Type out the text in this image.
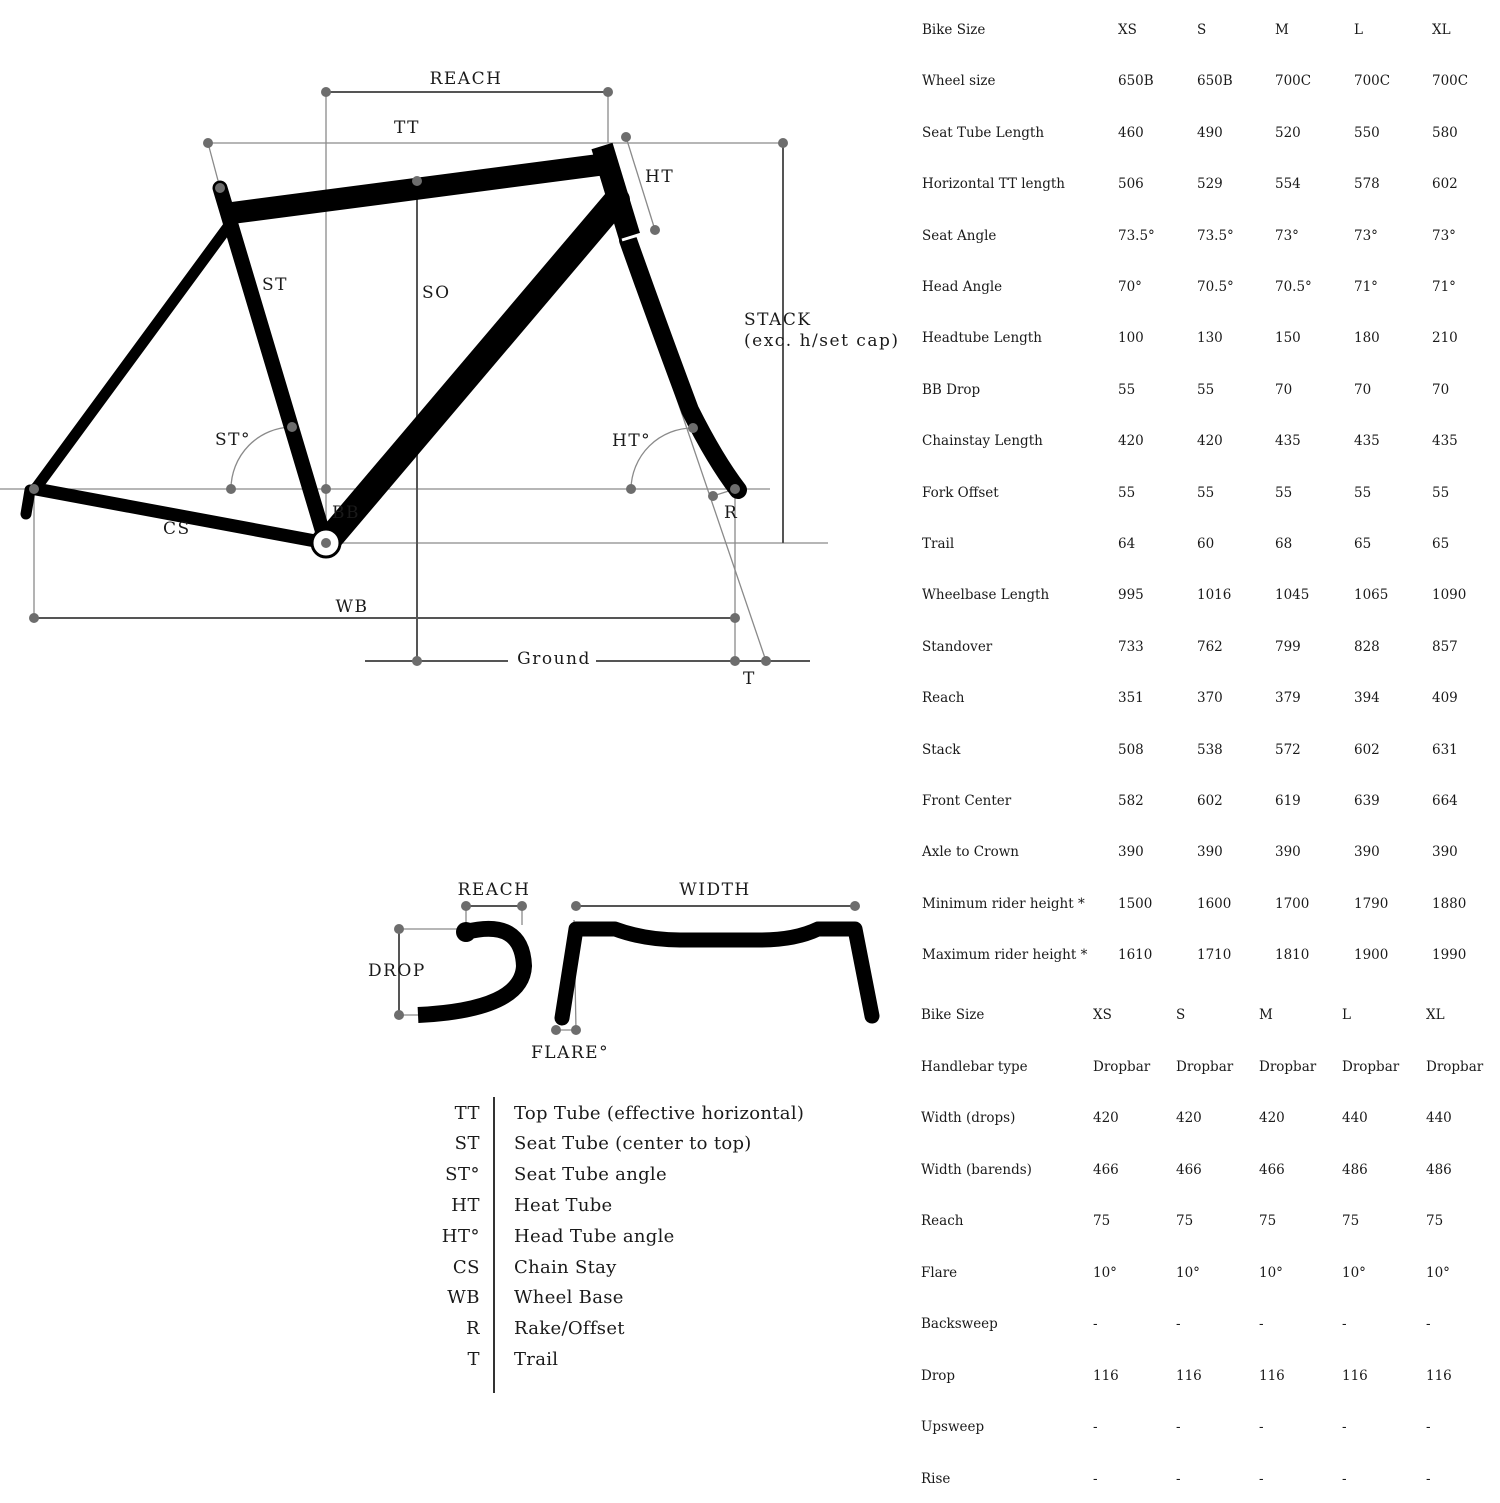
REACH
TT
HT
ST	SO
STACK
(exc. h/set cap)
ST°	HT°
BB
CS
R
WB
Ground
T
REACH	WIDTH
DROP
FLARE°
TT Top Tube (effective horizontal)
ST Seat Tube (center to top)
ST° Seat Tube angle
HT Heat Tube
HT° Head Tube angle
CS Chain Stay
WB Wheel Base
R Rake/Offset
T Trail
Bike Size	XS	S	M	L	XL
Wheel size	650B	650B	700C	700C	700C
Seat Tube Length	460	490	520	550	580
Horizontal TT length	506	529	554	578	602
Seat Angle	73.5°	73.5°	73°	73°	73°
Head Angle	70°	70.5°	70.5°	71°	71°
Headtube Length	100	130	150	180	210
BB Drop	55	55	70	70	70
Chainstay Length	420	420	435	435	435
Fork Offset	55	55	55	55	55
Trail	64	60	68	65	65
Wheelbase Length	995	1016	1045	1065	1090
Standover	733	762	799	828	857
Reach	351	370	379	394	409
Stack	508	538	572	602	631
Front Center	582	602	619	639	664
Axle to Crown	390	390	390	390	390
Minimum rider height * 1500	1600	1700	1790	1880
Maximum rider height * 1610	1710	1810	1900	1990
Bike Size	XS	S	M	L	XL
Handlebar type	Dropbar Dropbar Dropbar Dropbar Dropbar
Width (drops)	420	420	420	440	440
Width (barends)	466	466	466	486	486
Reach	75	75	75	75	75
Flare	10°	10°	10°	10°	10°
Backsweep	-	-	-	-	-
Drop	116	116	116	116	116
Upsweep	-	-	-	-	-
Rise	-	-	-	-	-
